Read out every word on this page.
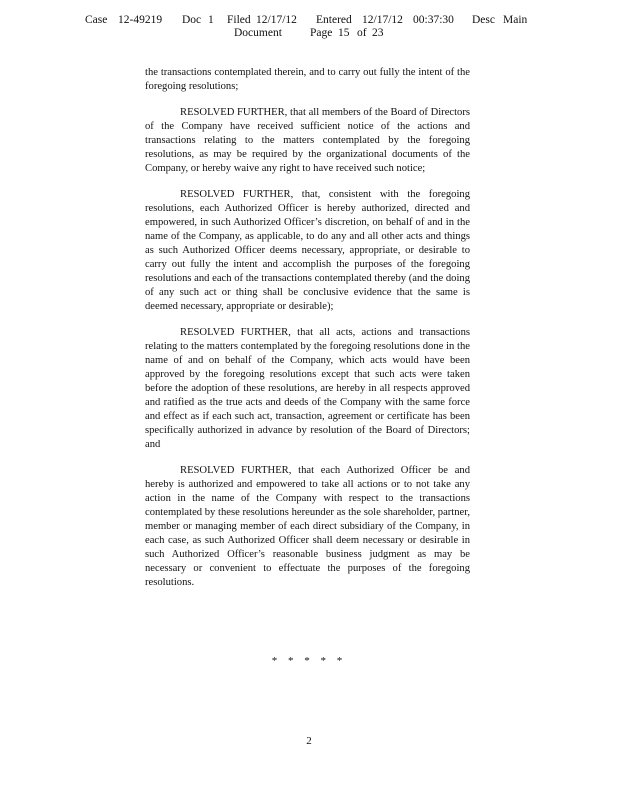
Case 12-49219 Doc 1 Filed 12/17/12 Entered 12/17/12 00:37:30 Desc Main
Document Page 15 of 23

the transactions contemplated therein, and to carry out fully the intent of the foregoing resolutions;

RESOLVED FURTHER, that all members of the Board of Directors of the Company have received sufficient notice of the actions and transactions relating to the matters contemplated by the foregoing resolutions, as may be required by the organizational documents of the Company, or hereby waive any right to have received such notice;

RESOLVED FURTHER, that, consistent with the foregoing resolutions, each Authorized Officer is hereby authorized, directed and empowered, in such Authorized Officer’s discretion, on behalf of and in the name of the Company, as applicable, to do any and all other acts and things as such Authorized Officer deems necessary, appropriate, or desirable to carry out fully the intent and accomplish the purposes of the foregoing resolutions and each of the transactions contemplated thereby (and the doing of any such act or thing shall be conclusive evidence that the same is deemed necessary, appropriate or desirable);

RESOLVED FURTHER, that all acts, actions and transactions relating to the matters contemplated by the foregoing resolutions done in the name of and on behalf of the Company, which acts would have been approved by the foregoing resolutions except that such acts were taken before the adoption of these resolutions, are hereby in all respects approved and ratified as the true acts and deeds of the Company with the same force and effect as if each such act, transaction, agreement or certificate has been specifically authorized in advance by resolution of the Board of Directors; and

RESOLVED FURTHER, that each Authorized Officer be and hereby is authorized and empowered to take all actions or to not take any action in the name of the Company with respect to the transactions contemplated by these resolutions hereunder as the sole shareholder, partner, member or managing member of each direct subsidiary of the Company, in each case, as such Authorized Officer shall deem necessary or desirable in such Authorized Officer’s reasonable business judgment as may be necessary or convenient to effectuate the purposes of the foregoing resolutions.

* * * * *
2
